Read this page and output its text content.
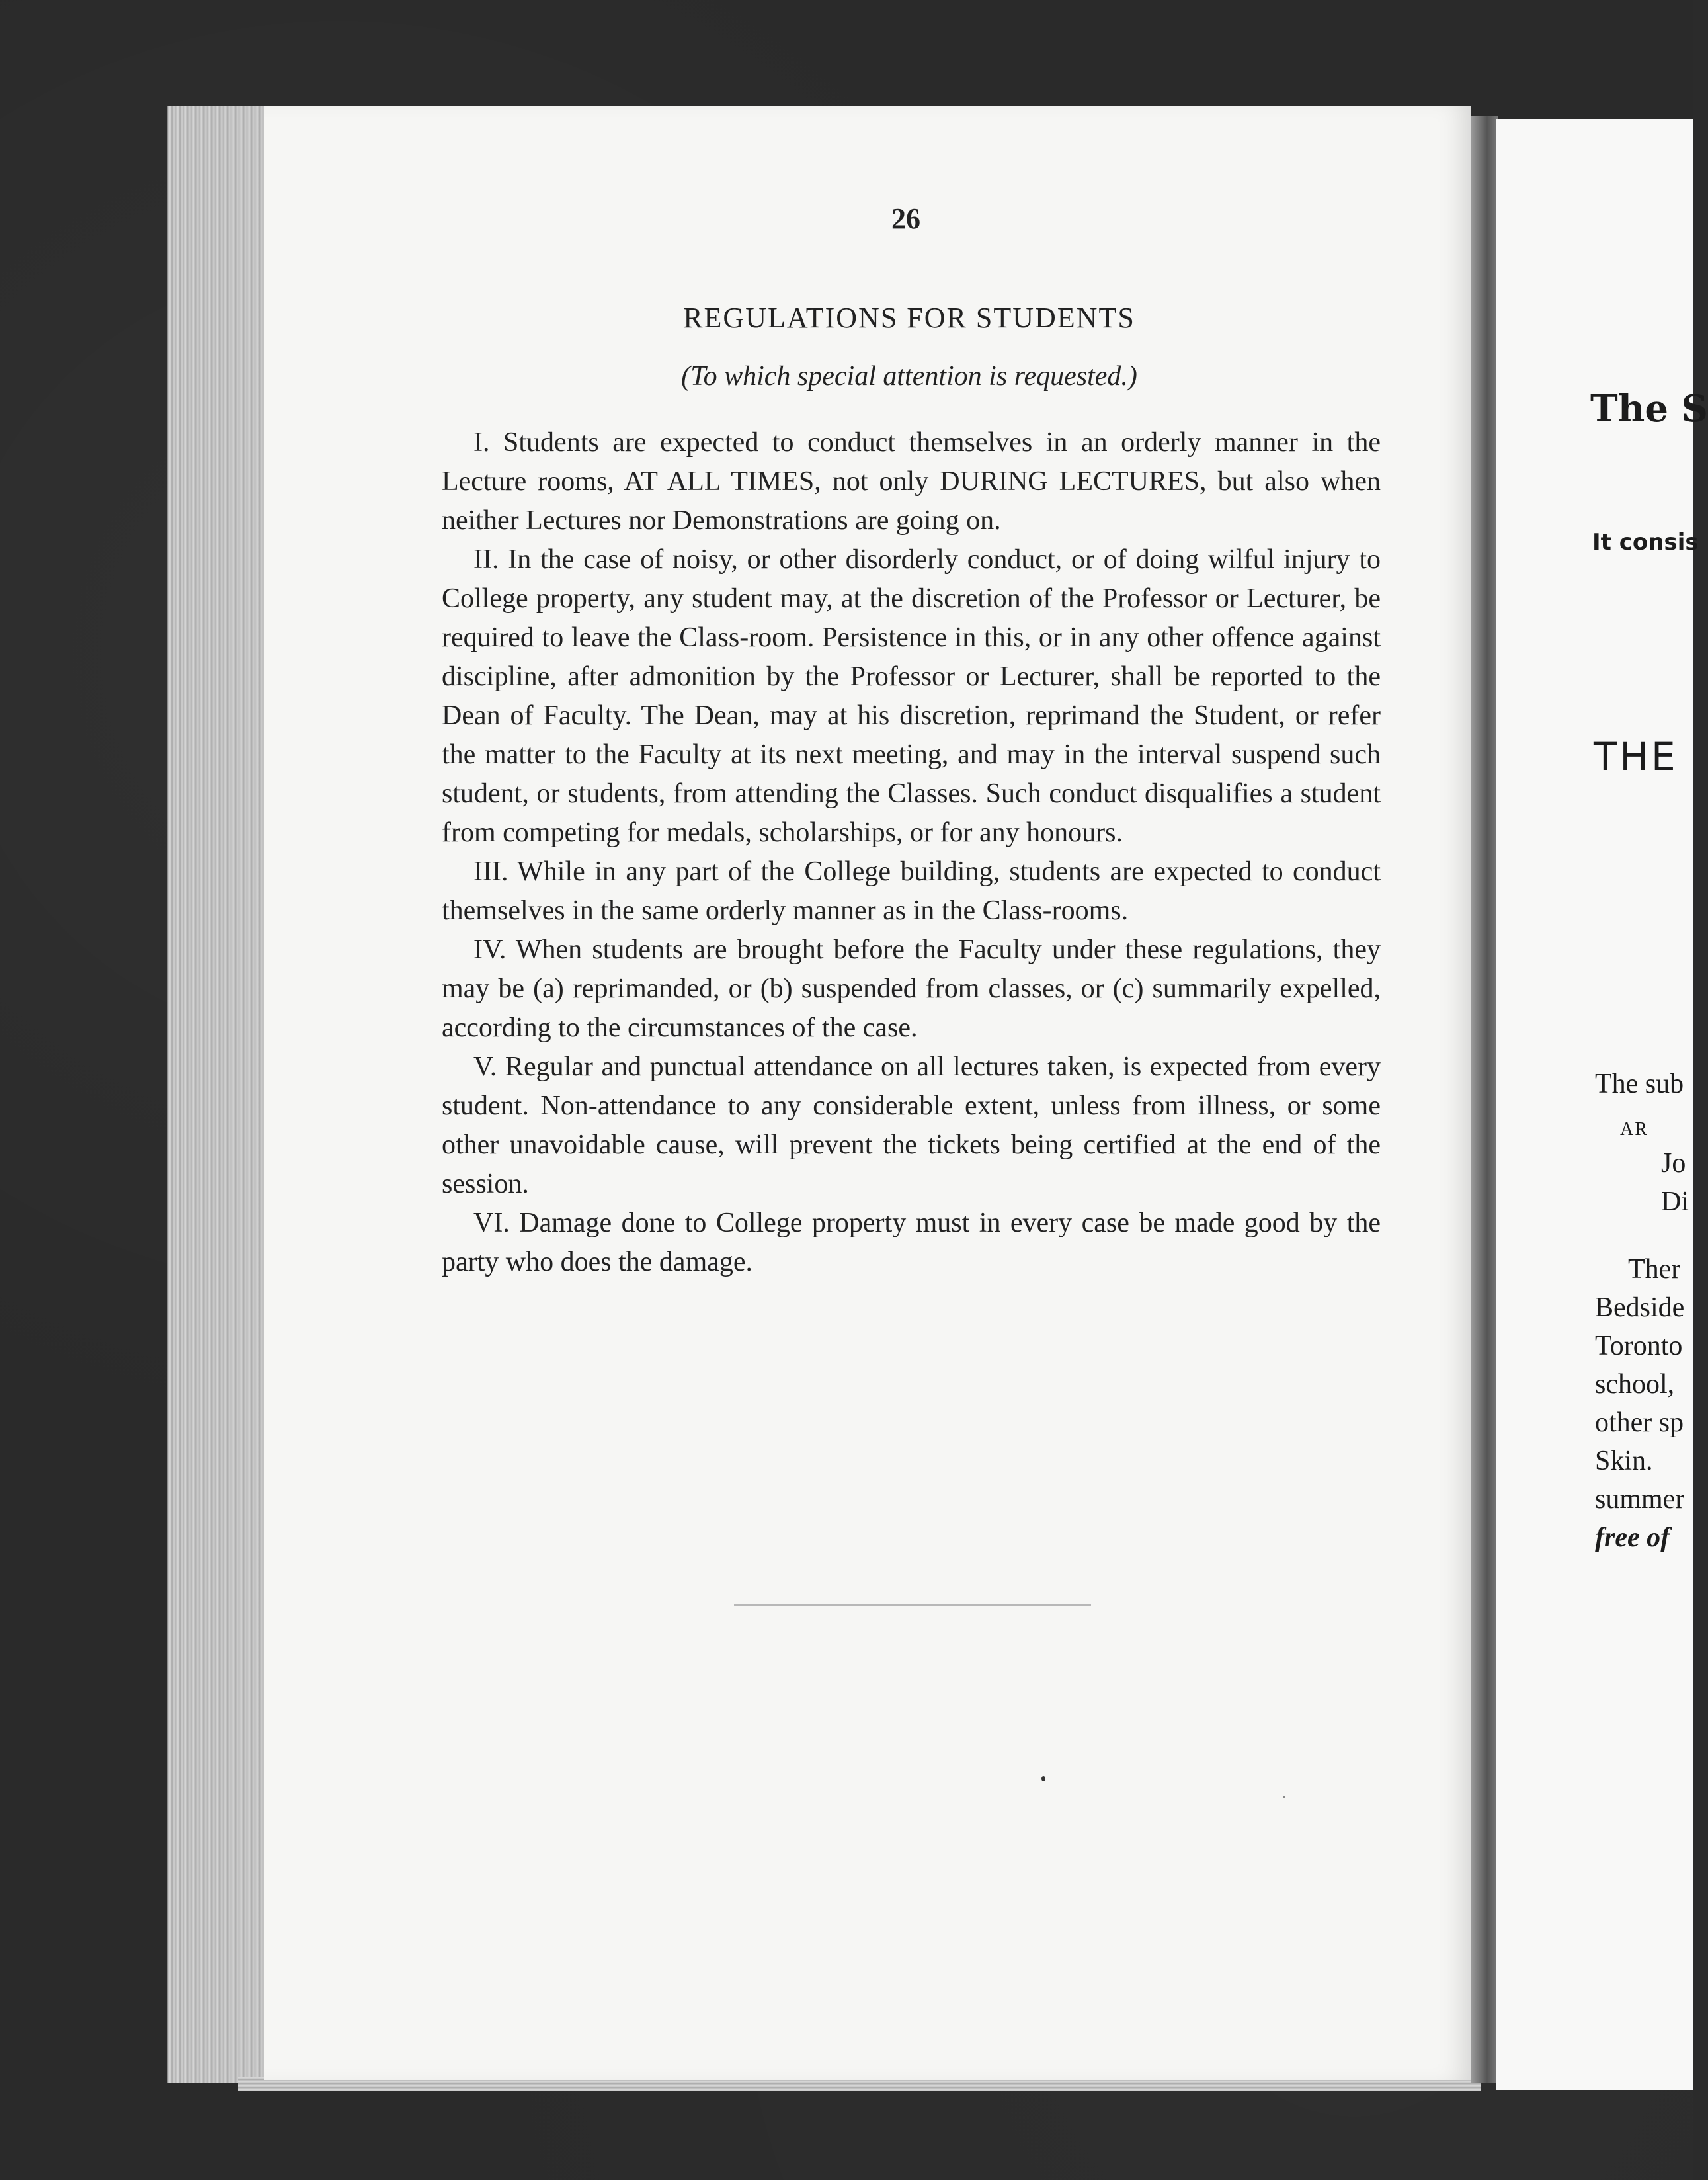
26
REGULATIONS FOR STUDENTS
(To which special attention is requested.)

I. Students are expected to conduct themselves in an orderly manner in the Lecture rooms, AT ALL TIMES, not only DURING LECTURES, but also when neither Lectures nor Demonstrations are going on.

II. In the case of noisy, or other disorderly conduct, or of doing wilful injury to College property, any student may, at the discretion of the Professor or Lecturer, be required to leave the Class-room. Persistence in this, or in any other offence against discipline, after admonition by the Professor or Lecturer, shall be reported to the Dean of Faculty. The Dean, may at his discretion, reprimand the Student, or refer the matter to the Faculty at its next meeting, and may in the interval suspend such student, or students, from attending the Classes. Such conduct disqualifies a student from competing for medals, scholarships, or for any honours.

III. While in any part of the College building, students are expected to conduct themselves in the same orderly manner as in the Class-rooms.

IV. When students are brought before the Faculty under these regulations, they may be (a) reprimanded, or (b) suspended from classes, or (c) summarily expelled, according to the circumstances of the case.

V. Regular and punctual attendance on all lectures taken, is expected from every student. Non-attendance to any considerable extent, unless from illness, or some other unavoidable cause, will prevent the tickets being certified at the end of the session.

VI. Damage done to College property must in every case be made good by the party who does the damage.

The S
It consis
THE
The sub
AR
Jo
Di
Ther
Bedside
Toronto
school,
other sp
Skin.
summer
free of
